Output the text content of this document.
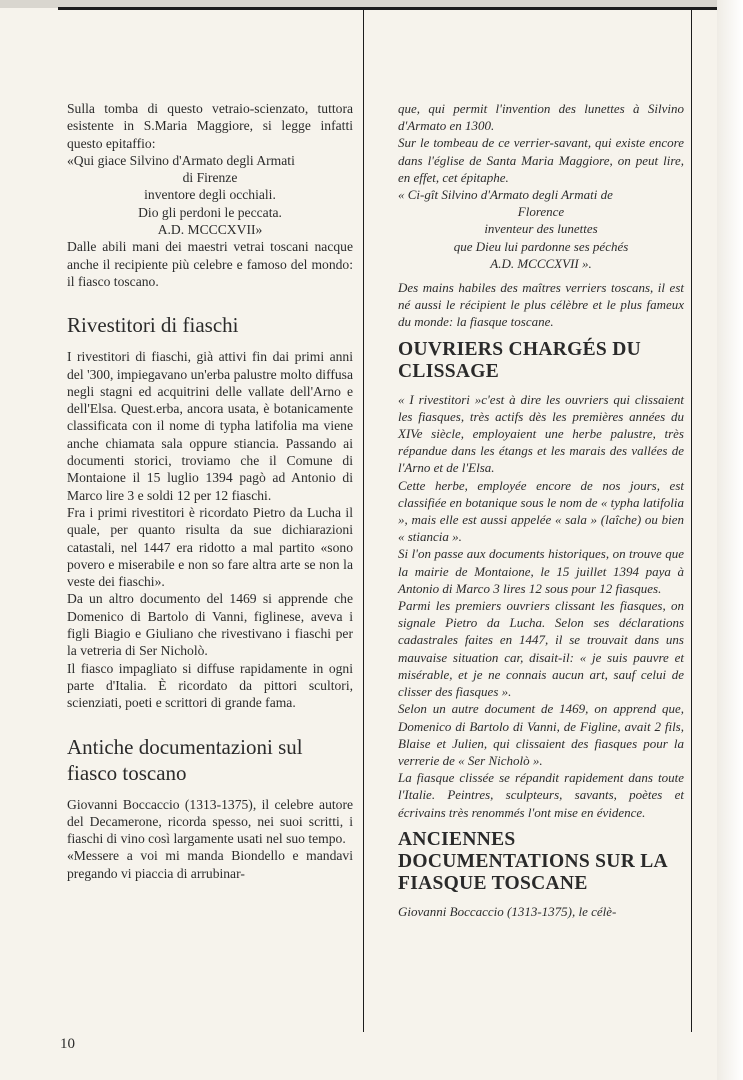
Sulla tomba di questo vetraio-scienzato, tuttora esistente in S.Maria Maggiore, si legge infatti questo epitaffio:

«Qui giace Silvino d'Armato degli Armati

di Firenze

inventore degli occhiali.

Dio gli perdoni le peccata.

A.D. MCCCXVII»

Dalle abili mani dei maestri vetrai toscani nacque anche il recipiente più celebre e famoso del mondo: il fiasco toscano.

Rivestitori di fiaschi

I rivestitori di fiaschi, già attivi fin dai primi anni del '300, impiegavano un'erba palustre molto diffusa negli stagni ed acquitrini delle vallate dell'Arno e dell'Elsa. Quest.erba, ancora usata, è botanicamente classificata con il nome di typha latifolia ma viene anche chiamata sala oppure stiancia. Passando ai documenti storici, troviamo che il Comune di Montaione il 15 luglio 1394 pagò ad Antonio di Marco lire 3 e soldi 12 per 12 fiaschi.

Fra i primi rivestitori è ricordato Pietro da Lucha il quale, per quanto risulta da sue dichiarazioni catastali, nel 1447 era ridotto a mal partito «sono povero e miserabile e non so fare altra arte se non la veste dei fiaschi».

Da un altro documento del 1469 si apprende che Domenico di Bartolo di Vanni, figlinese, aveva i figli Biagio e Giuliano che rivestivano i fiaschi per la vetreria di Ser Nicholò.

Il fiasco impagliato si diffuse rapidamente in ogni parte d'Italia. È ricordato da pittori scultori, scienziati, poeti e scrittori di grande fama.

Antiche documentazioni sul fiasco toscano

Giovanni Boccaccio (1313-1375), il celebre autore del Decamerone, ricorda spesso, nei suoi scritti, i fiaschi di vino così largamente usati nel suo tempo.

«Messere a voi mi manda Biondello e mandavi pregando vi piaccia di arrubinar-

que, qui permit l'invention des lunettes à Silvino d'Armato en 1300.

Sur le tombeau de ce verrier-savant, qui existe encore dans l'église de Santa Maria Maggiore, on peut lire, en effet, cet épitaphe.

« Ci-gît Silvino d'Armato degli Armati de

Florence

inventeur des lunettes

que Dieu lui pardonne ses péchés

A.D. MCCCXVII ».

Des mains habiles des maîtres verriers toscans, il est né aussi le récipient le plus célèbre et le plus fameux du monde: la fiasque toscane.

OUVRIERS CHARGÉS DU CLISSAGE

« I rivestitori »c'est à dire les ouvriers qui clissaient les fiasques, très actifs dès les premières années du XIVe siècle, employaient une herbe palustre, très répandue dans les étangs et les marais des vallées de l'Arno et de l'Elsa.

Cette herbe, employée encore de nos jours, est classifiée en botanique sous le nom de « typha latifolia », mais elle est aussi appelée « sala » (laîche) ou bien « stiancia ».

Si l'on passe aux documents historiques, on trouve que la mairie de Montaione, le 15 juillet 1394 paya à Antonio di Marco 3 lires 12 sous pour 12 fiasques.

Parmi les premiers ouvriers clissant les fiasques, on signale Pietro da Lucha. Selon ses déclarations cadastrales faites en 1447, il se trouvait dans uns mauvaise situation car, disait-il: « je suis pauvre et misérable, et je ne connais aucun art, sauf celui de clisser des fiasques ».

Selon un autre document de 1469, on apprend que, Domenico di Bartolo di Vanni, de Figline, avait 2 fils, Blaise et Julien, qui clissaient des fiasques pour la verrerie de « Ser Nicholò ».

La fiasque clissée se répandit rapidement dans toute l'Italie. Peintres, sculpteurs, savants, poètes et écrivains très renommés l'ont mise en évidence.

ANCIENNES DOCUMENTATIONS SUR LA FIASQUE TOSCANE

Giovanni Boccaccio (1313-1375), le célè-

10
